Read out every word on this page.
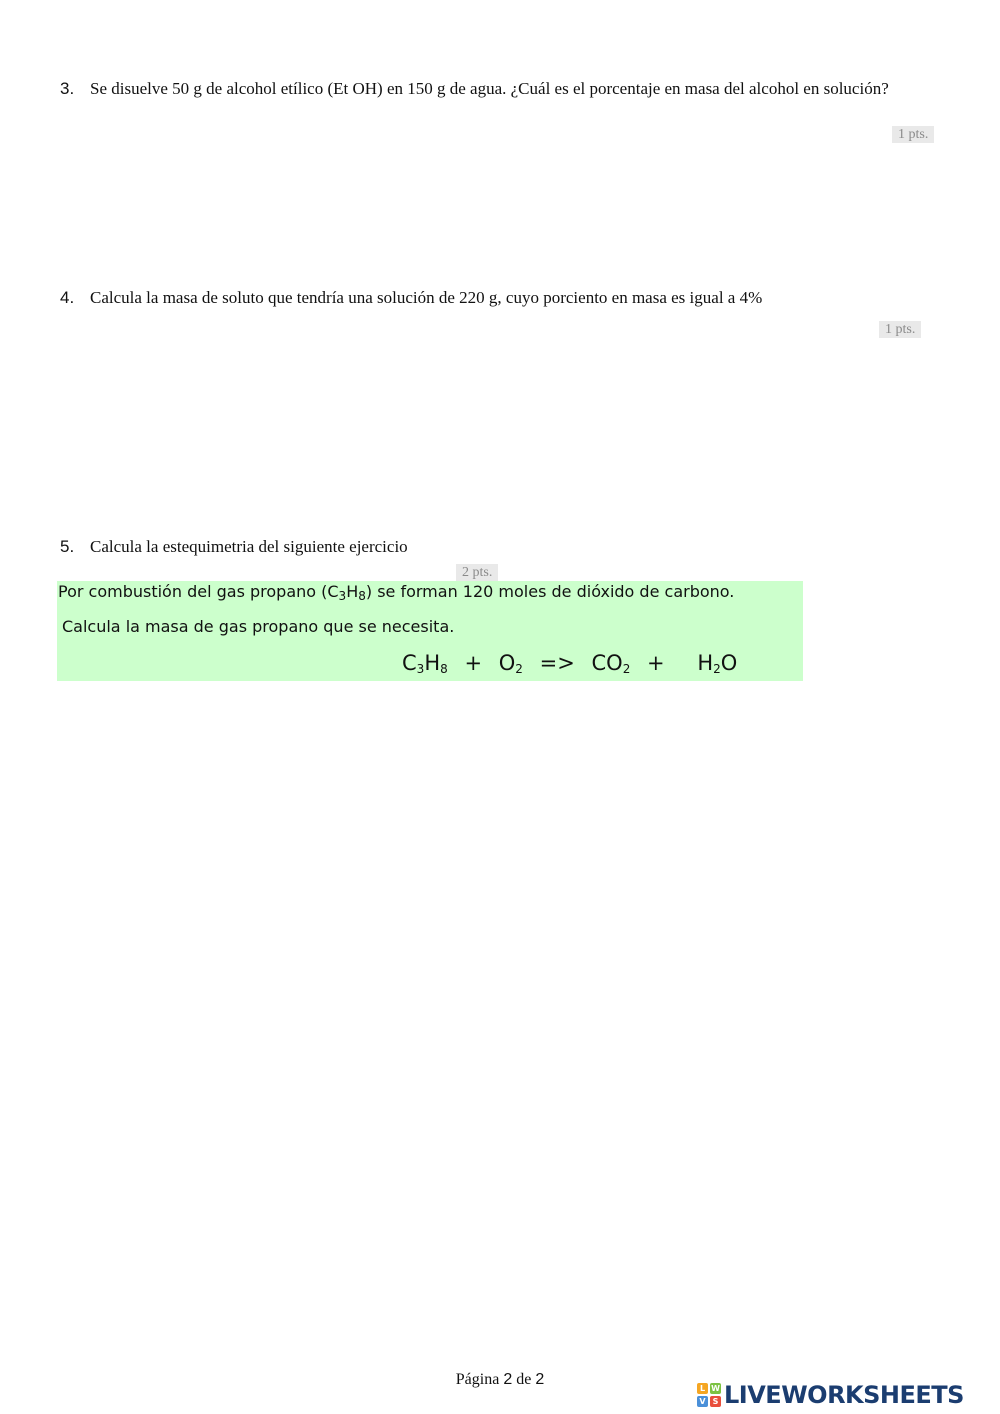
3. Se disuelve 50 g de alcohol etílico (Et OH) en 150 g de agua. ¿Cuál es el porcentaje en masa del alcohol en solución?
1 pts.
4. Calcula la masa de soluto que tendría una solución de 220 g, cuyo porciento en masa es igual a 4%
1 pts.
5. Calcula la estequimetria del siguiente ejercicio
Por combustión del gas propano $(C_3H_8)$ se forman 120 moles de dióxido de carbono.
Calcula la masa de gas propano que se necesita.
$C_3H_8 + O_2 => CO_2 + H_2O$
2 pts.
Página 2 de 2
L W
V S LIVEWORKSHEETS
